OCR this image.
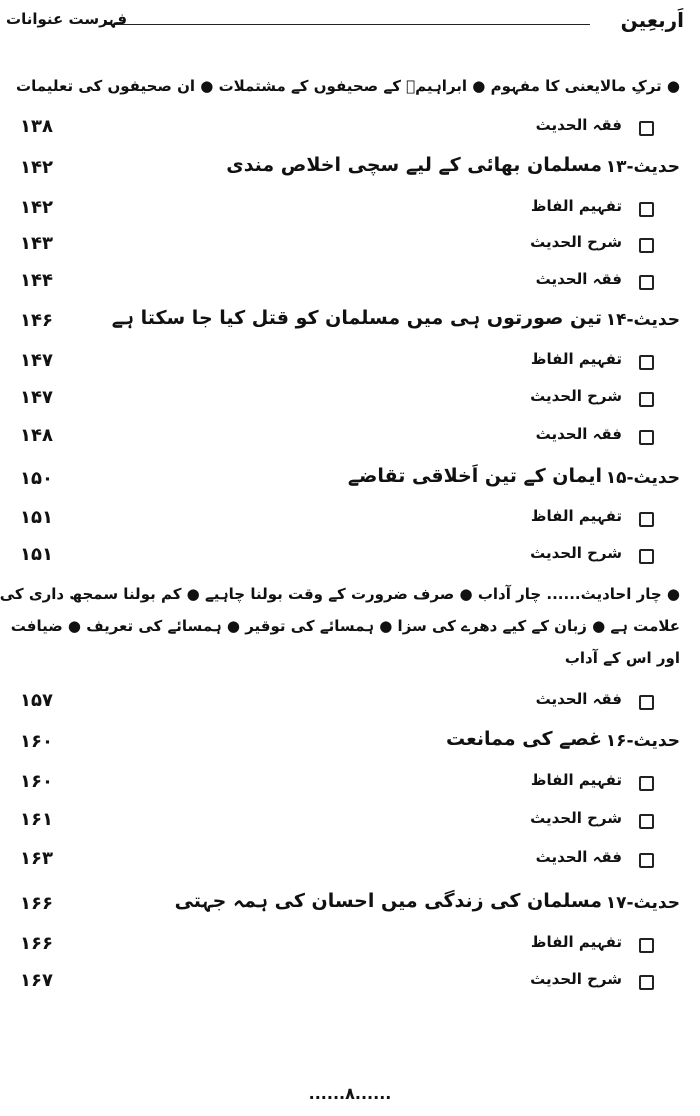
اَربعِین
فہرست عنوانات

● ترکِ مالایعنی کا مفہوم ● ابراہیمؑ کے صحیفوں کے مشتملات ● ان صحیفوں کی تعلیمات

فقہ الحدیث
۱۳۸
حدیث-۱۳
مسلمان بھائی کے لیے سچی اخلاص مندی
۱۴۲
تفہیم الفاظ
۱۴۲
شرح الحدیث
۱۴۳
فقہ الحدیث
۱۴۴
حدیث-۱۴
تین صورتوں ہی میں مسلمان کو قتل کیا جا سکتا ہے
۱۴۶
تفہیم الفاظ
۱۴۷
شرح الحدیث
۱۴۷
فقہ الحدیث
۱۴۸
حدیث-۱۵
ایمان کے تین اَخلاقی تقاضے
۱۵۰
تفہیم الفاظ
۱۵۱
شرح الحدیث
۱۵۱

● چار احادیث...... چار آداب ● صرف ضرورت کے وقت بولنا چاہیے ● کم بولنا سمجھ داری کی

علامت ہے ● زبان کے کیے دھرے کی سزا ● ہمسائے کی توقیر ● ہمسائے کی تعریف ● ضیافت

اور اس کے آداب

فقہ الحدیث
۱۵۷
حدیث-۱۶
غصے کی ممانعت
۱۶۰
تفہیم الفاظ
۱۶۰
شرح الحدیث
۱۶۱
فقہ الحدیث
۱۶۳
حدیث-۱۷
مسلمان کی زندگی میں احسان کی ہمہ جہتی
۱۶۶
تفہیم الفاظ
۱۶۶
شرح الحدیث
۱۶۷
......۸......
